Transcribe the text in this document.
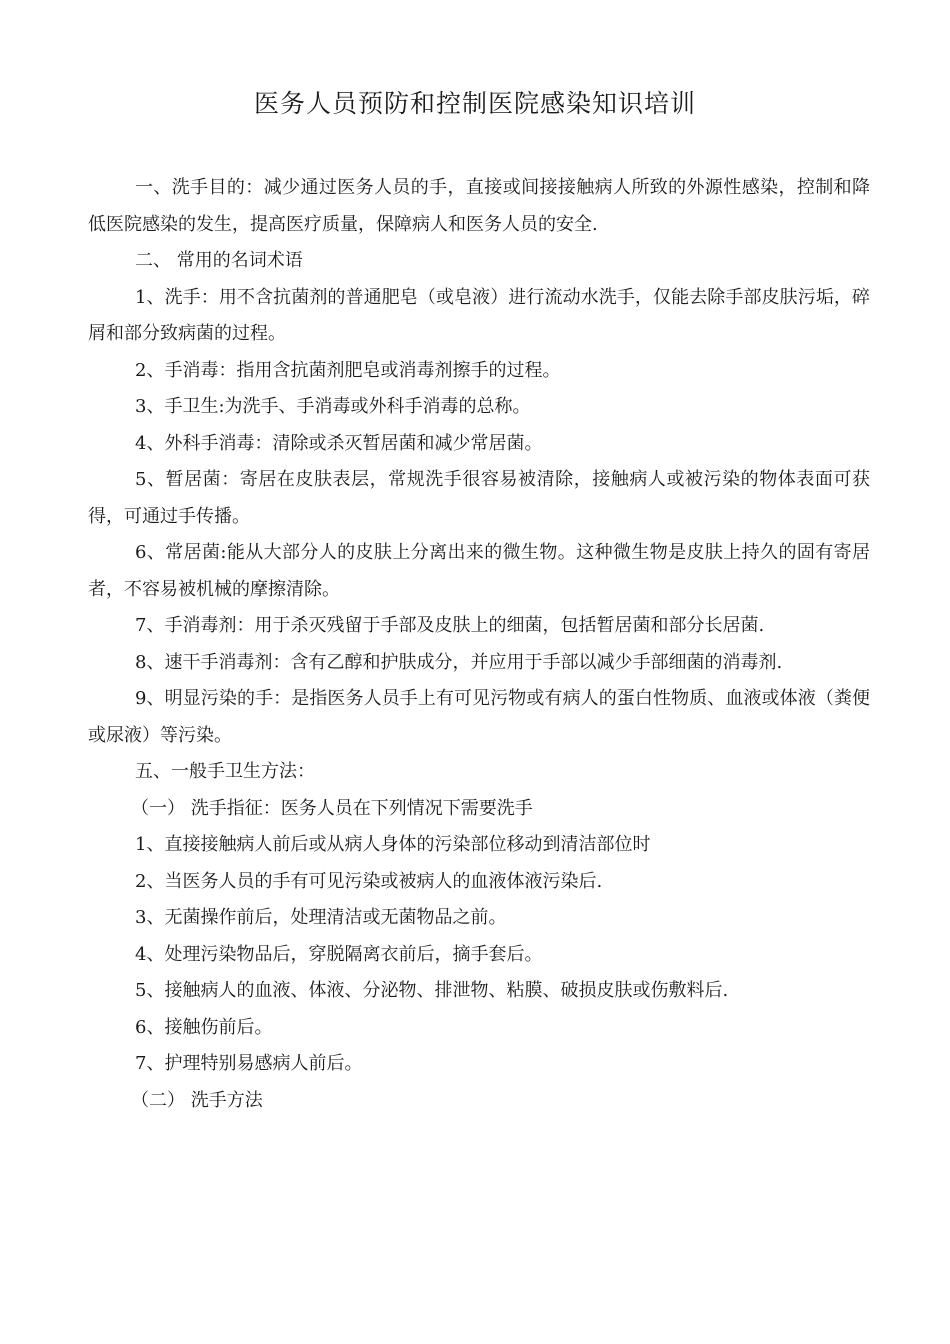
医务人员预防和控制医院感染知识培训

一、洗手目的：减少通过医务人员的手，直接或间接接触病人所致的外源性感染，控制和降低医院感染的发生，提高医疗质量，保障病人和医务人员的安全.

二、 常用的名词术语

1、洗手：用不含抗菌剂的普通肥皂（或皂液）进行流动水洗手，仅能去除手部皮肤污垢，碎屑和部分致病菌的过程。

2、手消毒：指用含抗菌剂肥皂或消毒剂擦手的过程。

3、手卫生:为洗手、手消毒或外科手消毒的总称。

4、外科手消毒：清除或杀灭暂居菌和减少常居菌。

5、暂居菌：寄居在皮肤表层，常规洗手很容易被清除，接触病人或被污染的物体表面可获得，可通过手传播。

6、常居菌:能从大部分人的皮肤上分离出来的微生物。这种微生物是皮肤上持久的固有寄居者，不容易被机械的摩擦清除。

7、手消毒剂：用于杀灭残留于手部及皮肤上的细菌，包括暂居菌和部分长居菌.

8、速干手消毒剂：含有乙醇和护肤成分，并应用于手部以减少手部细菌的消毒剂.

9、明显污染的手：是指医务人员手上有可见污物或有病人的蛋白性物质、血液或体液（粪便或尿液）等污染。

五、一般手卫生方法：

（一） 洗手指征：医务人员在下列情况下需要洗手

1、直接接触病人前后或从病人身体的污染部位移动到清洁部位时

2、当医务人员的手有可见污染或被病人的血液体液污染后.

3、无菌操作前后，处理清洁或无菌物品之前。

4、处理污染物品后，穿脱隔离衣前后，摘手套后。

5、接触病人的血液、体液、分泌物、排泄物、粘膜、破损皮肤或伤敷料后.

6、接触伤前后。

7、护理特别易感病人前后。

（二） 洗手方法
